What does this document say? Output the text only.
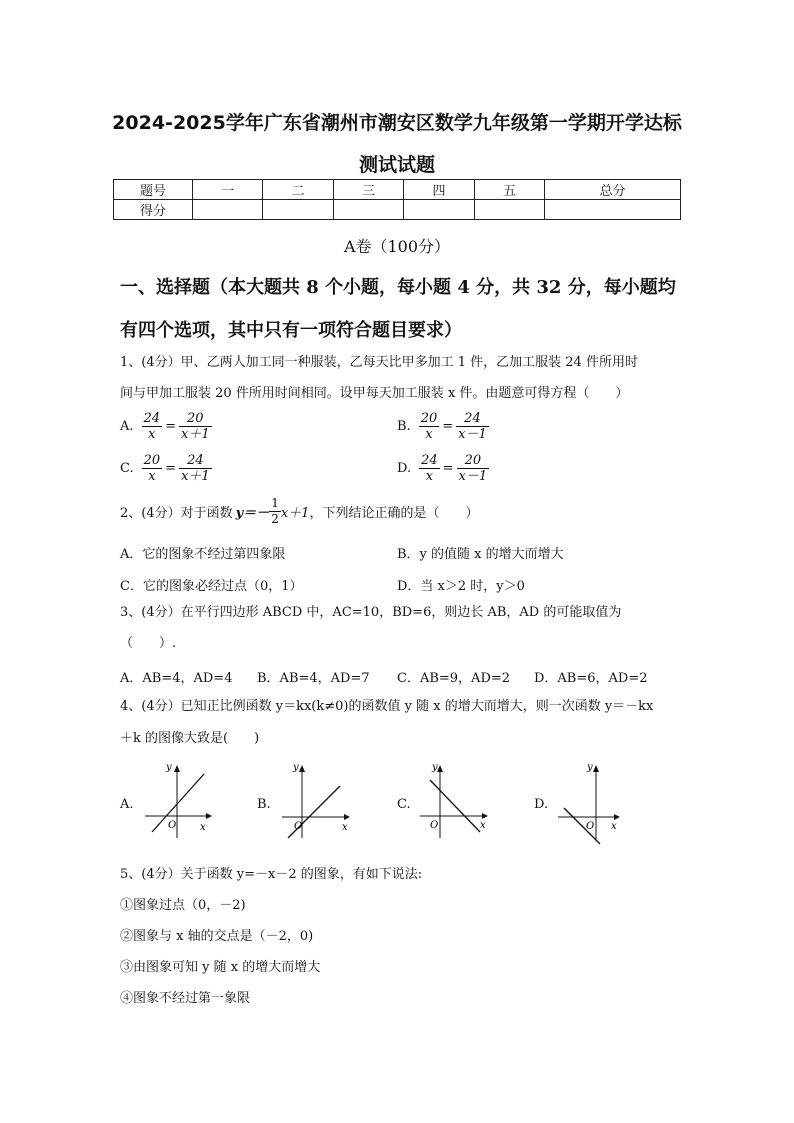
2024-2025学年广东省潮州市潮安区数学九年级第一学期开学达标
测试试题
题号	一	二	三	四	五	总分
得分						
A卷（100分）
一、选择题（本大题共 8 个小题，每小题 4 分，共 32 分，每小题均
有四个选项，其中只有一项符合题目要求）
1、(4分）甲、乙两人加工同一种服装，乙每天比甲多加工 1 件，乙加工服装 24 件所用时
间与甲加工服装 20 件所用时间相同。设甲每天加工服装 x 件。由题意可得方程（　　）
A. $\frac{24}{x} = \frac{20}{x+1}$	B. $\frac{20}{x} = \frac{24}{x-1}$
C. $\frac{20}{x} = \frac{24}{x+1}$	D. $\frac{24}{x} = \frac{20}{x-1}$
2、(4分）对于函数 $y=- \frac{1}{2} x+1$ ，下列结论正确的是（　　）
A．它的图象不经过第四象限	B．y 的值随 x 的增大而增大
C．它的图象必经过点（0，1）	D．当 x＞2 时，y＞0
3、(4分）在平行四边形 ABCD 中，AC=10，BD=6，则边长 AB，AD 的可能取值为
（　　）.
A．AB=4，AD=4 B．AB=4，AD=7 C．AB=9，AD=2 D．AB=6，AD=2
4、(4分）已知正比例函数 y＝kx(k≠0)的函数值 y 随 x 的增大而增大，则一次函数 y＝－kx
＋k 的图像大致是(　　)
A.
y
x
O
B.
y
x
O
C.
y
x
O
D.
y
x
O
5、(4分）关于函数 y=－x－2 的图象，有如下说法:
①图象过点（0，－2)
②图象与 x 轴的交点是（－2，0)
③由图象可知 y 随 x 的增大而增大
④图象不经过第一象限
